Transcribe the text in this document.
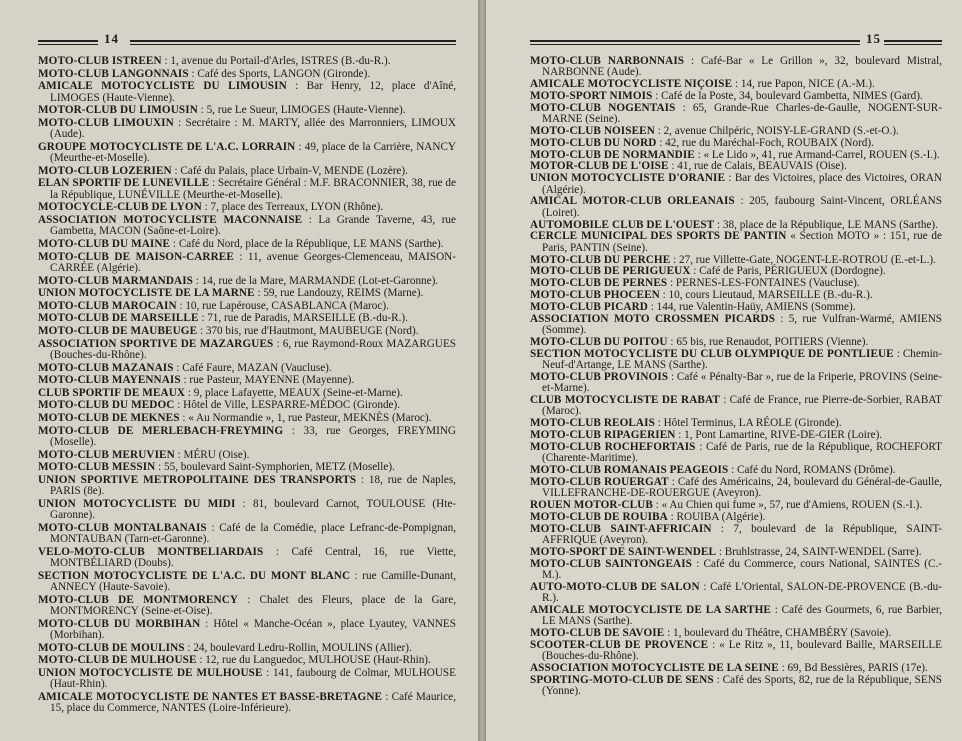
14
MOTO-CLUB ISTREEN : 1, avenue du Portail-d'Arles, ISTRES (B.-du-R.).
MOTO-CLUB LANGONNAIS : Café des Sports, LANGON (Gironde).
AMICALE MOTOCYCLISTE DU LIMOUSIN : Bar Henry, 12, place d'Aîné, LIMOGES (Haute-Vienne).
MOTOR-CLUB DU LIMOUSIN : 5, rue Le Sueur, LIMOGES (Haute-Vienne).
MOTO-CLUB LIMOUXIN : Secrétaire : M. MARTY, allée des Marronniers, LIMOUX (Aude).
GROUPE MOTOCYCLISTE DE L'A.C. LORRAIN : 49, place de la Carrière, NANCY (Meurthe-et-Moselle).
MOTO-CLUB LOZERIEN : Café du Palais, place Urbain-V, MENDE (Lozère).
ELAN SPORTIF DE LUNEVILLE : Secrétaire Général : M.F. BRACONNIER, 38, rue de la République, LUNÉVILLE (Meurthe-et-Moselle).
MOTOCYCLE-CLUB DE LYON : 7, place des Terreaux, LYON (Rhône).
ASSOCIATION MOTOCYCLISTE MACONNAISE : La Grande Taverne, 43, rue Gambetta, MACON (Saône-et-Loire).
MOTO-CLUB DU MAINE : Café du Nord, place de la République, LE MANS (Sarthe).
MOTO-CLUB DE MAISON-CARREE : 11, avenue Georges-Clemenceau, MAISON-CARRÉE (Algérie).
MOTO-CLUB MARMANDAIS : 14, rue de la Mare, MARMANDE (Lot-et-Garonne).
UNION MOTOCYCLISTE DE LA MARNE : 59, rue Landouzy, REIMS (Marne).
MOTO-CLUB MAROCAIN : 10, rue Lapérouse, CASABLANCA (Maroc).
MOTO-CLUB DE MARSEILLE : 71, rue de Paradis, MARSEILLE (B.-du-R.).
MOTO-CLUB DE MAUBEUGE : 370 bis, rue d'Hautmont, MAUBEUGE (Nord).
ASSOCIATION SPORTIVE DE MAZARGUES : 6, rue Raymond-Roux MAZARGUES (Bouches-du-Rhône).
MOTO-CLUB MAZANAIS : Café Faure, MAZAN (Vaucluse).
MOTO-CLUB MAYENNAIS : rue Pasteur, MAYENNE (Mayenne).
CLUB SPORTIF DE MEAUX : 9, place Lafayette, MEAUX (Seine-et-Marne).
MOTO-CLUB DU MEDOC : Hôtel de Ville, LESPARRE-MÉDOC (Gironde).
MOTO-CLUB DE MEKNES : « Au Normandie », 1, rue Pasteur, MEKNÈS (Maroc).
MOTO-CLUB DE MERLEBACH-FREYMING : 33, rue Georges, FREYMING (Moselle).
MOTO-CLUB MERUVIEN : MÉRU (Oise).
MOTO-CLUB MESSIN : 55, boulevard Saint-Symphorien, METZ (Moselle).
UNION SPORTIVE METROPOLITAINE DES TRANSPORTS : 18, rue de Naples, PARIS (8e).
UNION MOTOCYCLISTE DU MIDI : 81, boulevard Carnot, TOULOUSE (Hte-Garonne).
MOTO-CLUB MONTALBANAIS : Café de la Comédie, place Lefranc-de-Pompignan, MONTAUBAN (Tarn-et-Garonne).
VELO-MOTO-CLUB MONTBELIARDAIS : Café Central, 16, rue Viette, MONTBÉLIARD (Doubs).
SECTION MOTOCYCLISTE DE L'A.C. DU MONT BLANC : rue Camille-Dunant, ANNECY (Haute-Savoie).
MOTO-CLUB DE MONTMORENCY : Chalet des Fleurs, place de la Gare, MONTMORENCY (Seine-et-Oise).
MOTO-CLUB DU MORBIHAN : Hôtel « Manche-Océan », place Lyautey, VANNES (Morbihan).
MOTO-CLUB DE MOULINS : 24, boulevard Ledru-Rollin, MOULINS (Allier).
MOTO-CLUB DE MULHOUSE : 12, rue du Languedoc, MULHOUSE (Haut-Rhin).
UNION MOTOCYCLISTE DE MULHOUSE : 141, faubourg de Colmar, MULHOUSE (Haut-Rhin).
AMICALE MOTOCYCLISTE DE NANTES ET BASSE-BRETAGNE : Café Maurice, 15, place du Commerce, NANTES (Loire-Inférieure).
15
MOTO-CLUB NARBONNAIS : Café-Bar « Le Grillon », 32, boulevard Mistral, NARBONNE (Aude).
AMICALE MOTOCYCLISTE NIÇOISE : 14, rue Papon, NICE (A.-M.).
MOTO-SPORT NIMOIS : Café de la Poste, 34, boulevard Gambetta, NIMES (Gard).
MOTO-CLUB NOGENTAIS : 65, Grande-Rue Charles-de-Gaulle, NOGENT-SUR-MARNE (Seine).
MOTO-CLUB NOISEEN : 2, avenue Chilpéric, NOISY-LE-GRAND (S.-et-O.).
MOTO-CLUB DU NORD : 42, rue du Maréchal-Foch, ROUBAIX (Nord).
MOTO-CLUB DE NORMANDIE : « Le Lido », 41, rue Armand-Carrel, ROUEN (S.-I.).
MOTOR-CLUB DE L'OISE : 41, rue de Calais, BEAUVAIS (Oise).
UNION MOTOCYCLISTE D'ORANIE : Bar des Victoires, place des Victoires, ORAN (Algérie).
AMICAL MOTOR-CLUB ORLEANAIS : 205, faubourg Saint-Vincent, ORLÉANS (Loiret).
AUTOMOBILE CLUB DE L'OUEST : 38, place de la République, LE MANS (Sarthe).
CERCLE MUNICIPAL DES SPORTS DE PANTIN « Section MOTO » : 151, rue de Paris, PANTIN (Seine).
MOTO-CLUB DU PERCHE : 27, rue Villette-Gate, NOGENT-LE-ROTROU (E.-et-L.).
MOTO-CLUB DE PERIGUEUX : Café de Paris, PÉRIGUEUX (Dordogne).
MOTO-CLUB DE PERNES : PERNES-LES-FONTAINES (Vaucluse).
MOTO-CLUB PHOCEEN : 10, cours Lieutaud, MARSEILLE (B.-du-R.).
MOTO-CLUB PICARD : 144, rue Valentin-Haüy, AMIENS (Somme).
ASSOCIATION MOTO CROSSMEN PICARDS : 5, rue Vulfran-Warmé, AMIENS (Somme).
MOTO-CLUB DU POITOU : 65 bis, rue Renaudot, POITIERS (Vienne).
SECTION MOTOCYCLISTE DU CLUB OLYMPIQUE DE PONTLIEUE : Chemin-Neuf-d'Artange, LE MANS (Sarthe).
MOTO-CLUB PROVINOIS : Café « Pénalty-Bar », rue de la Friperie, PROVINS (Seine-et-Marne).
CLUB MOTOCYCLISTE DE RABAT : Café de France, rue Pierre-de-Sorbier, RABAT (Maroc).
MOTO-CLUB REOLAIS : Hôtel Terminus, LA RÉOLE (Gironde).
MOTO-CLUB RIPAGERIEN : 1, Pont Lamartine, RIVE-DE-GIER (Loire).
MOTO-CLUB ROCHEFORTAIS : Café de Paris, rue de la République, ROCHEFORT (Charente-Maritime).
MOTO-CLUB ROMANAIS PEAGEOIS : Café du Nord, ROMANS (Drôme).
MOTO-CLUB ROUERGAT : Café des Américains, 24, boulevard du Général-de-Gaulle, VILLEFRANCHE-DE-ROUERGUE (Aveyron).
ROUEN MOTOR-CLUB : « Au Chien qui fume », 57, rue d'Amiens, ROUEN (S.-I.).
MOTO-CLUB DE ROUIBA : ROUIBA (Algérie).
MOTO-CLUB SAINT-AFFRICAIN : 7, boulevard de la République, SAINT-AFFRIQUE (Aveyron).
MOTO-SPORT DE SAINT-WENDEL : Bruhlstrasse, 24, SAINT-WENDEL (Sarre).
MOTO-CLUB SAINTONGEAIS : Café du Commerce, cours National, SAINTES (C.-M.).
AUTO-MOTO-CLUB DE SALON : Café L'Oriental, SALON-DE-PROVENCE (B.-du-R.).
AMICALE MOTOCYCLISTE DE LA SARTHE : Café des Gourmets, 6, rue Barbier, LE MANS (Sarthe).
MOTO-CLUB DE SAVOIE : 1, boulevard du Théâtre, CHAMBÉRY (Savoie).
SCOOTER-CLUB DE PROVENCE : « Le Ritz », 11, boulevard Baille, MARSEILLE (Bouches-du-Rhône).
ASSOCIATION MOTOCYCLISTE DE LA SEINE : 69, Bd Bessières, PARIS (17e).
SPORTING-MOTO-CLUB DE SENS : Café des Sports, 82, rue de la République, SENS (Yonne).
